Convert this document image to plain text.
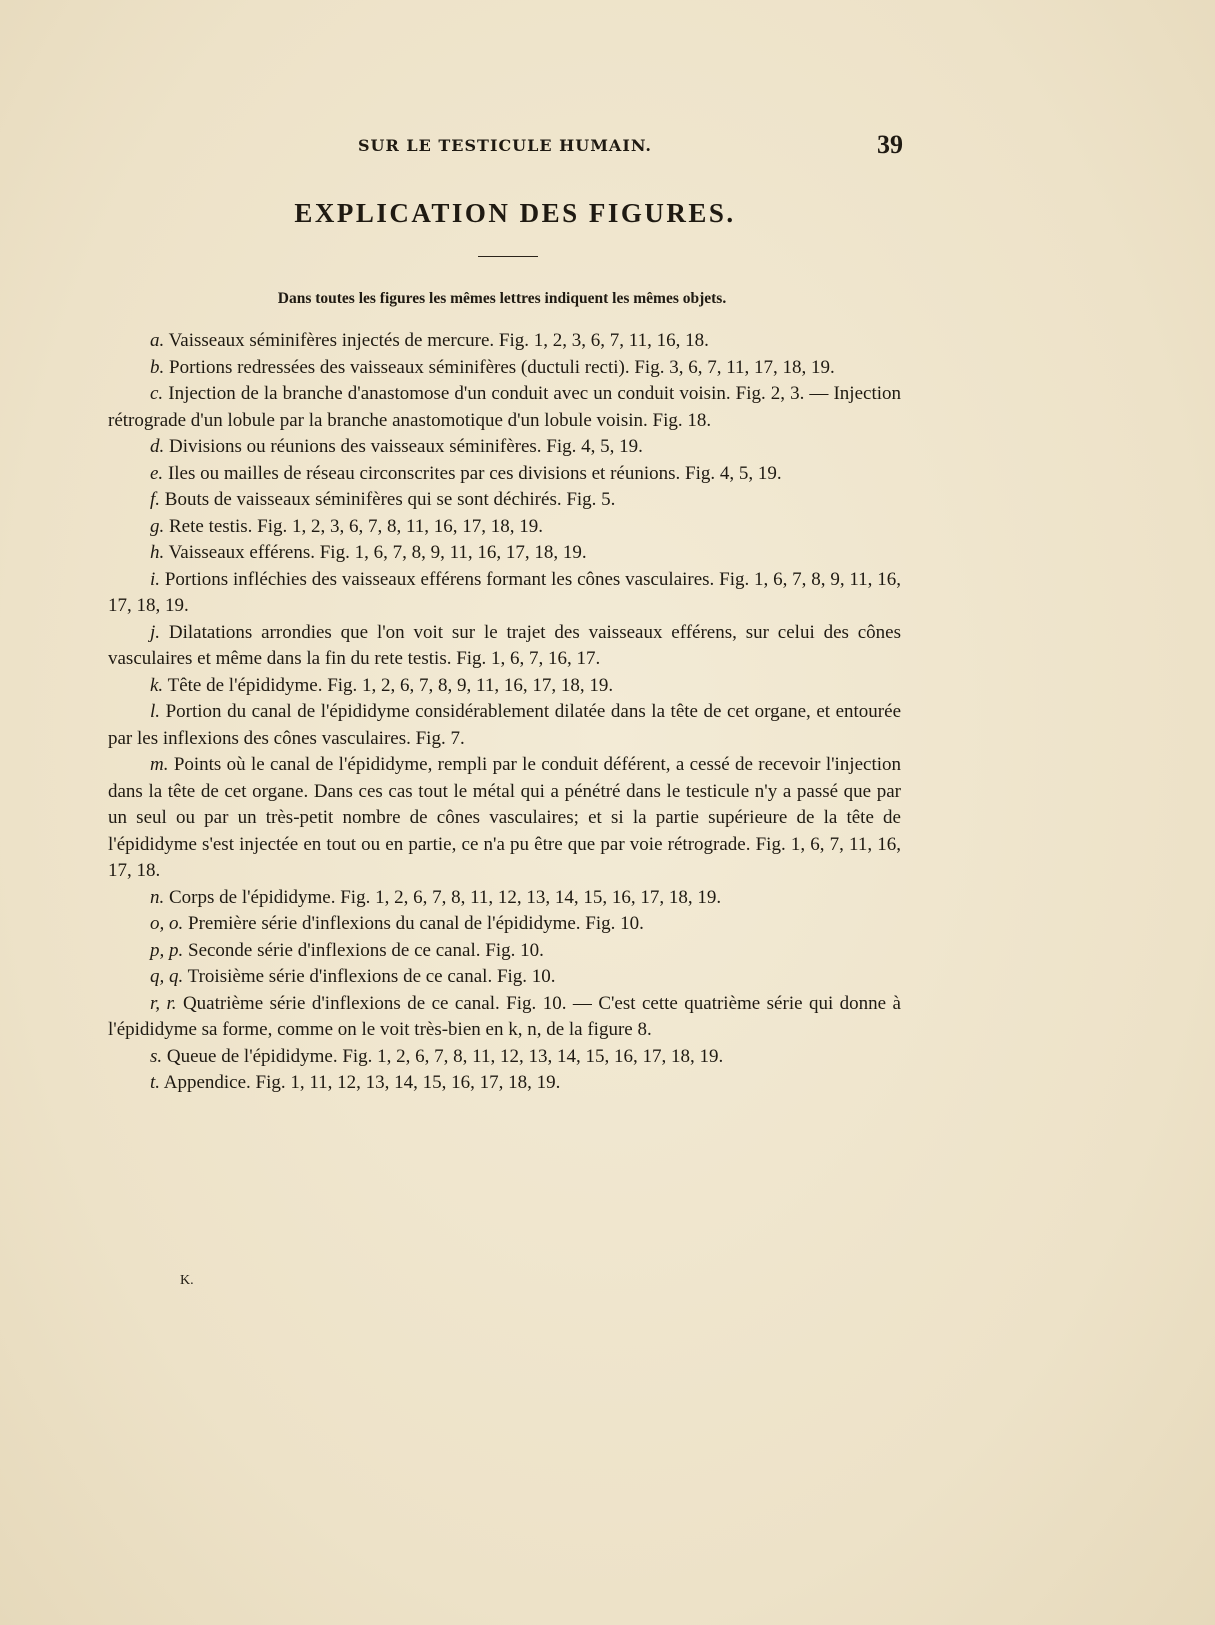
SUR LE TESTICULE HUMAIN.	39
EXPLICATION DES FIGURES.
Dans toutes les figures les mêmes lettres indiquent les mêmes objets.

a. Vaisseaux séminifères injectés de mercure. Fig. 1, 2, 3, 6, 7, 11, 16, 18.

b. Portions redressées des vaisseaux séminifères (ductuli recti). Fig. 3, 6, 7, 11, 17, 18, 19.

c. Injection de la branche d'anastomose d'un conduit avec un conduit voisin. Fig. 2, 3. — Injection rétrograde d'un lobule par la branche anastomotique d'un lobule voisin. Fig. 18.

d. Divisions ou réunions des vaisseaux séminifères. Fig. 4, 5, 19.

e. Iles ou mailles de réseau circonscrites par ces divisions et réunions. Fig. 4, 5, 19.

f. Bouts de vaisseaux séminifères qui se sont déchirés. Fig. 5.

g. Rete testis. Fig. 1, 2, 3, 6, 7, 8, 11, 16, 17, 18, 19.

h. Vaisseaux efférens. Fig. 1, 6, 7, 8, 9, 11, 16, 17, 18, 19.

i. Portions infléchies des vaisseaux efférens formant les cônes vasculaires. Fig. 1, 6, 7, 8, 9, 11, 16, 17, 18, 19.

j. Dilatations arrondies que l'on voit sur le trajet des vaisseaux efférens, sur celui des cônes vasculaires et même dans la fin du rete testis. Fig. 1, 6, 7, 16, 17.

k. Tête de l'épididyme. Fig. 1, 2, 6, 7, 8, 9, 11, 16, 17, 18, 19.

l. Portion du canal de l'épididyme considérablement dilatée dans la tête de cet organe, et entourée par les inflexions des cônes vasculaires. Fig. 7.

m. Points où le canal de l'épididyme, rempli par le conduit déférent, a cessé de recevoir l'injection dans la tête de cet organe. Dans ces cas tout le métal qui a pénétré dans le testicule n'y a passé que par un seul ou par un très-petit nombre de cônes vasculaires; et si la partie supérieure de la tête de l'épididyme s'est injectée en tout ou en partie, ce n'a pu être que par voie rétrograde. Fig. 1, 6, 7, 11, 16, 17, 18.

n. Corps de l'épididyme. Fig. 1, 2, 6, 7, 8, 11, 12, 13, 14, 15, 16, 17, 18, 19.

o, o. Première série d'inflexions du canal de l'épididyme. Fig. 10.

p, p. Seconde série d'inflexions de ce canal. Fig. 10.

q, q. Troisième série d'inflexions de ce canal. Fig. 10.

r, r. Quatrième série d'inflexions de ce canal. Fig. 10. — C'est cette quatrième série qui donne à l'épididyme sa forme, comme on le voit très-bien en k, n, de la figure 8.

s. Queue de l'épididyme. Fig. 1, 2, 6, 7, 8, 11, 12, 13, 14, 15, 16, 17, 18, 19.

t. Appendice. Fig. 1, 11, 12, 13, 14, 15, 16, 17, 18, 19.

K.
